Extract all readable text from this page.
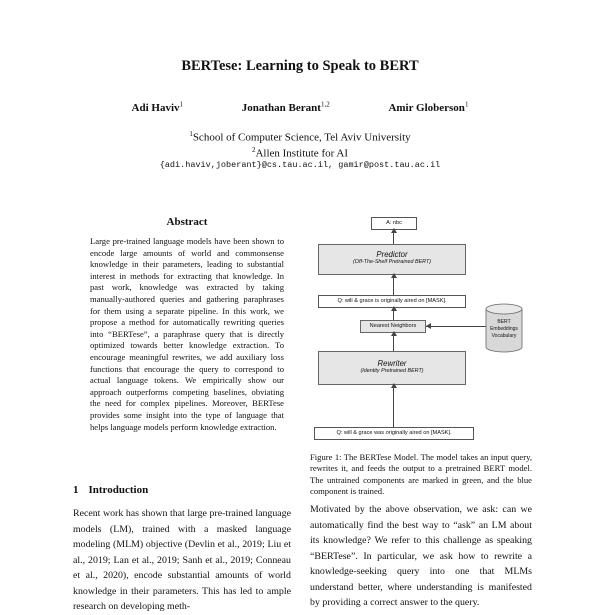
BERTese: Learning to Speak to BERT
Adi Haviv$^1$	Jonathan Berant$^{1,2}$	Amir Globerson$^1$
$^1$School of Computer Science, Tel Aviv University
$^2$Allen Institute for AI
{adi.haviv,joberant}@cs.tau.ac.il, gamir@post.tau.ac.il
Abstract
Large pre-trained language models have been shown to encode large amounts of world and commonsense knowledge in their parameters, leading to substantial interest in methods for extracting that knowledge. In past work, knowledge was extracted by taking manually-authored queries and gathering paraphrases for them using a separate pipeline. In this work, we propose a method for automatically rewriting queries into “BERTese”, a paraphrase query that is directly optimized towards better knowledge extraction. To encourage meaningful rewrites, we add auxiliary loss functions that encourage the query to correspond to actual language tokens. We empirically show our approach outperforms competing baselines, obviating the need for complex pipelines. Moreover, BERTese provides some insight into the type of language that helps language models perform knowledge extraction.
1 Introduction
Recent work has shown that large pre-trained language models (LM), trained with a masked language modeling (MLM) objective (Devlin et al., 2019; Liu et al., 2019; Lan et al., 2019; Sanh et al., 2019; Conneau et al., 2020), encode substantial amounts of world knowledge in their parameters. This has led to ample research on developing meth-
Motivated by the above observation, we ask: can we automatically find the best way to “ask” an LM about its knowledge? We refer to this challenge as speaking “BERTese”. In particular, we ask how to rewrite a knowledge-seeking query into one that MLMs understand better, where understanding is manifested by providing a correct answer to the query.
A: nbc
Predictor
(Off-The-Shelf Pretrained BERT)
Q: will & grace is originally aired on [MASK].
Nearest Neighbors
BERT
Embeddings
Vocabulary
Rewriter
(Identity Pretrained BERT)
Q: will & grace was originally aired on [MASK].
Figure 1: The BERTese Model. The model takes an input query, rewrites it, and feeds the output to a pretrained BERT model. The untrained components are marked in green, and the blue component is trained.
